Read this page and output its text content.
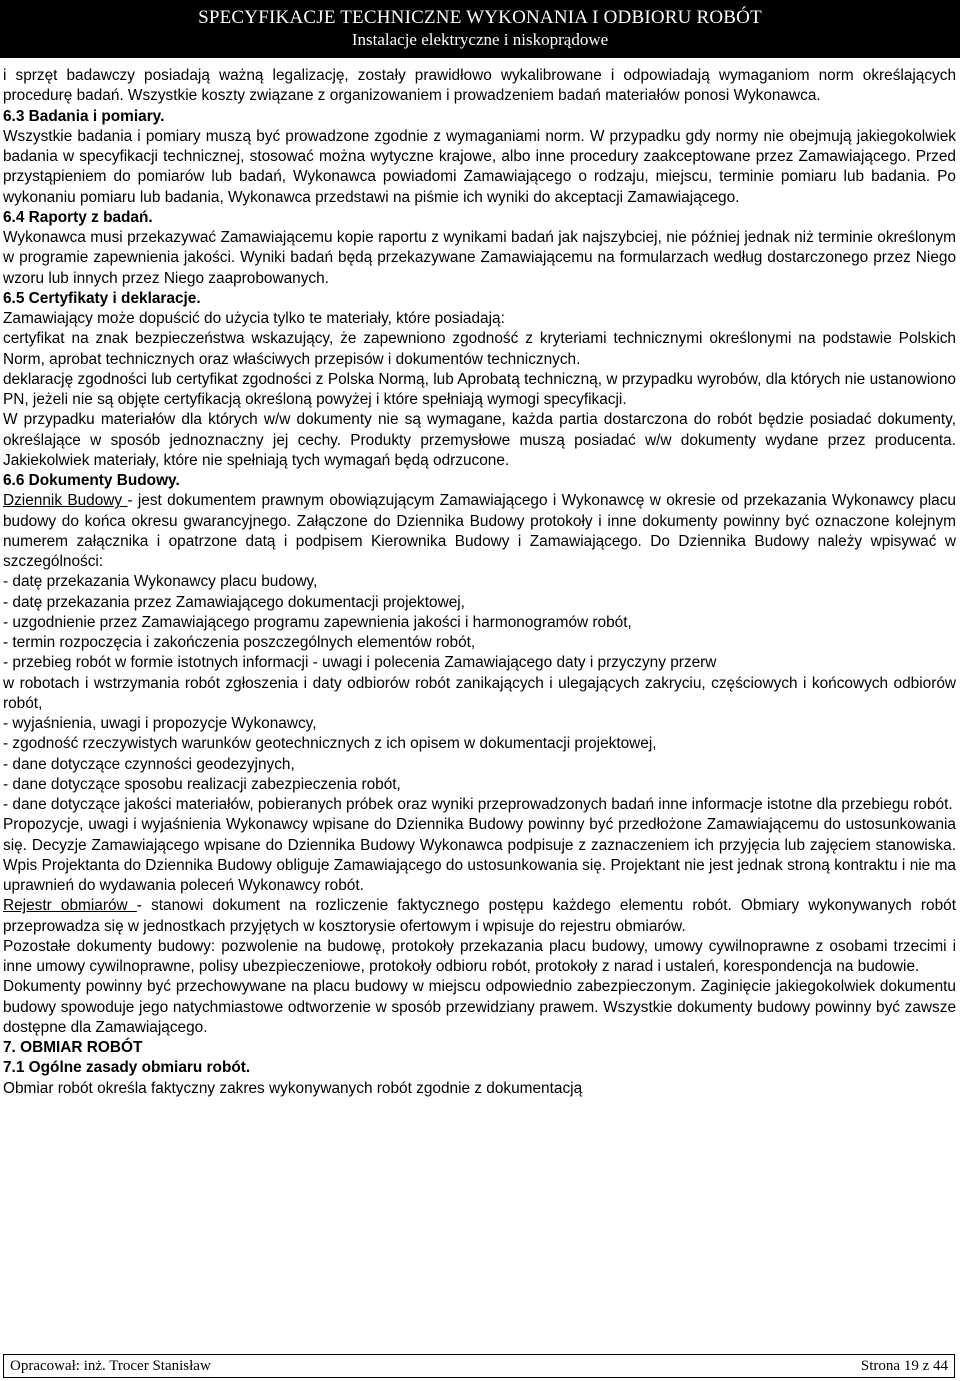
SPECYFIKACJE TECHNICZNE WYKONANIA I ODBIORU ROBÓT
Instalacje elektryczne i niskoprądowe

i sprzęt badawczy posiadają ważną legalizację, zostały prawidłowo wykalibrowane i odpowiadają wymaganiom norm określających procedurę badań. Wszystkie koszty związane z organizowaniem i prowadzeniem badań materiałów ponosi Wykonawca.

6.3 Badania i pomiary.

Wszystkie badania i pomiary muszą być prowadzone zgodnie z wymaganiami norm. W przypadku gdy normy nie obejmują jakiegokolwiek badania w specyfikacji technicznej, stosować można wytyczne krajowe, albo inne procedury zaakceptowane przez Zamawiającego. Przed przystąpieniem do pomiarów lub badań, Wykonawca powiadomi Zamawiającego o rodzaju, miejscu, terminie pomiaru lub badania. Po wykonaniu pomiaru lub badania, Wykonawca przedstawi na piśmie ich wyniki do akceptacji Zamawiającego.

6.4 Raporty z badań.

Wykonawca musi przekazywać Zamawiającemu kopie raportu z wynikami badań jak najszybciej, nie później jednak niż terminie określonym w programie zapewnienia jakości. Wyniki badań będą przekazywane Zamawiającemu na formularzach według dostarczonego przez Niego wzoru lub innych przez Niego zaaprobowanych.

6.5 Certyfikaty i deklaracje.

Zamawiający może dopuścić do użycia tylko te materiały, które posiadają:

certyfikat na znak bezpieczeństwa wskazujący, że zapewniono zgodność z kryteriami technicznymi określonymi na podstawie Polskich Norm, aprobat technicznych oraz właściwych przepisów i dokumentów technicznych.

deklarację zgodności lub certyfikat zgodności z Polska Normą, lub Aprobatą techniczną, w przypadku wyrobów, dla których nie ustanowiono PN, jeżeli nie są objęte certyfikacją określoną powyżej i które spełniają wymogi specyfikacji.

W przypadku materiałów dla których w/w dokumenty nie są wymagane, każda partia dostarczona do robót będzie posiadać dokumenty, określające w sposób jednoznaczny jej cechy. Produkty przemysłowe muszą posiadać w/w dokumenty wydane przez producenta. Jakiekolwiek materiały, które nie spełniają tych wymagań będą odrzucone.

6.6 Dokumenty Budowy.

Dziennik Budowy - jest dokumentem prawnym obowiązującym Zamawiającego i Wykonawcę w okresie od przekazania Wykonawcy placu budowy do końca okresu gwarancyjnego. Załączone do Dziennika Budowy protokoły i inne dokumenty powinny być oznaczone kolejnym numerem załącznika i opatrzone datą i podpisem Kierownika Budowy i Zamawiającego. Do Dziennika Budowy należy wpisywać w szczególności:

- datę przekazania Wykonawcy placu budowy,

- datę przekazania przez Zamawiającego dokumentacji projektowej,

- uzgodnienie przez Zamawiającego programu zapewnienia jakości i harmonogramów robót,

- termin rozpoczęcia i zakończenia poszczególnych elementów robót,

- przebieg robót w formie istotnych informacji - uwagi i polecenia Zamawiającego daty i przyczyny przerw

w robotach i wstrzymania robót zgłoszenia i daty odbiorów robót zanikających i ulegających zakryciu, częściowych i końcowych odbiorów robót,

- wyjaśnienia, uwagi i propozycje Wykonawcy,

- zgodność rzeczywistych warunków geotechnicznych z ich opisem w dokumentacji projektowej,

- dane dotyczące czynności geodezyjnych,

- dane dotyczące sposobu realizacji zabezpieczenia robót,

- dane dotyczące jakości materiałów, pobieranych próbek oraz wyniki przeprowadzonych badań inne informacje istotne dla przebiegu robót.

Propozycje, uwagi i wyjaśnienia Wykonawcy wpisane do Dziennika Budowy powinny być przedłożone Zamawiającemu do ustosunkowania się. Decyzje Zamawiającego wpisane do Dziennika Budowy Wykonawca podpisuje z zaznaczeniem ich przyjęcia lub zajęciem stanowiska. Wpis Projektanta do Dziennika Budowy obliguje Zamawiającego do ustosunkowania się. Projektant nie jest jednak stroną kontraktu i nie ma uprawnień do wydawania poleceń Wykonawcy robót.

Rejestr obmiarów - stanowi dokument na rozliczenie faktycznego postępu każdego elementu robót. Obmiary wykonywanych robót przeprowadza się w jednostkach przyjętych w kosztorysie ofertowym i wpisuje do rejestru obmiarów.

Pozostałe dokumenty budowy: pozwolenie na budowę, protokoły przekazania placu budowy, umowy cywilnoprawne z osobami trzecimi i inne umowy cywilnoprawne, polisy ubezpieczeniowe, protokoły odbioru robót, protokoły z narad i ustaleń, korespondencja na budowie.

Dokumenty powinny być przechowywane na placu budowy w miejscu odpowiednio zabezpieczonym. Zaginięcie jakiegokolwiek dokumentu budowy spowoduje jego natychmiastowe odtworzenie w sposób przewidziany prawem. Wszystkie dokumenty budowy powinny być zawsze dostępne dla Zamawiającego.

7. OBMIAR ROBÓT

7.1 Ogólne zasady obmiaru robót.

Obmiar robót określa faktyczny zakres wykonywanych robót zgodnie z dokumentacją

Opracował: inż. Trocer Stanisław	Strona 19 z 44
